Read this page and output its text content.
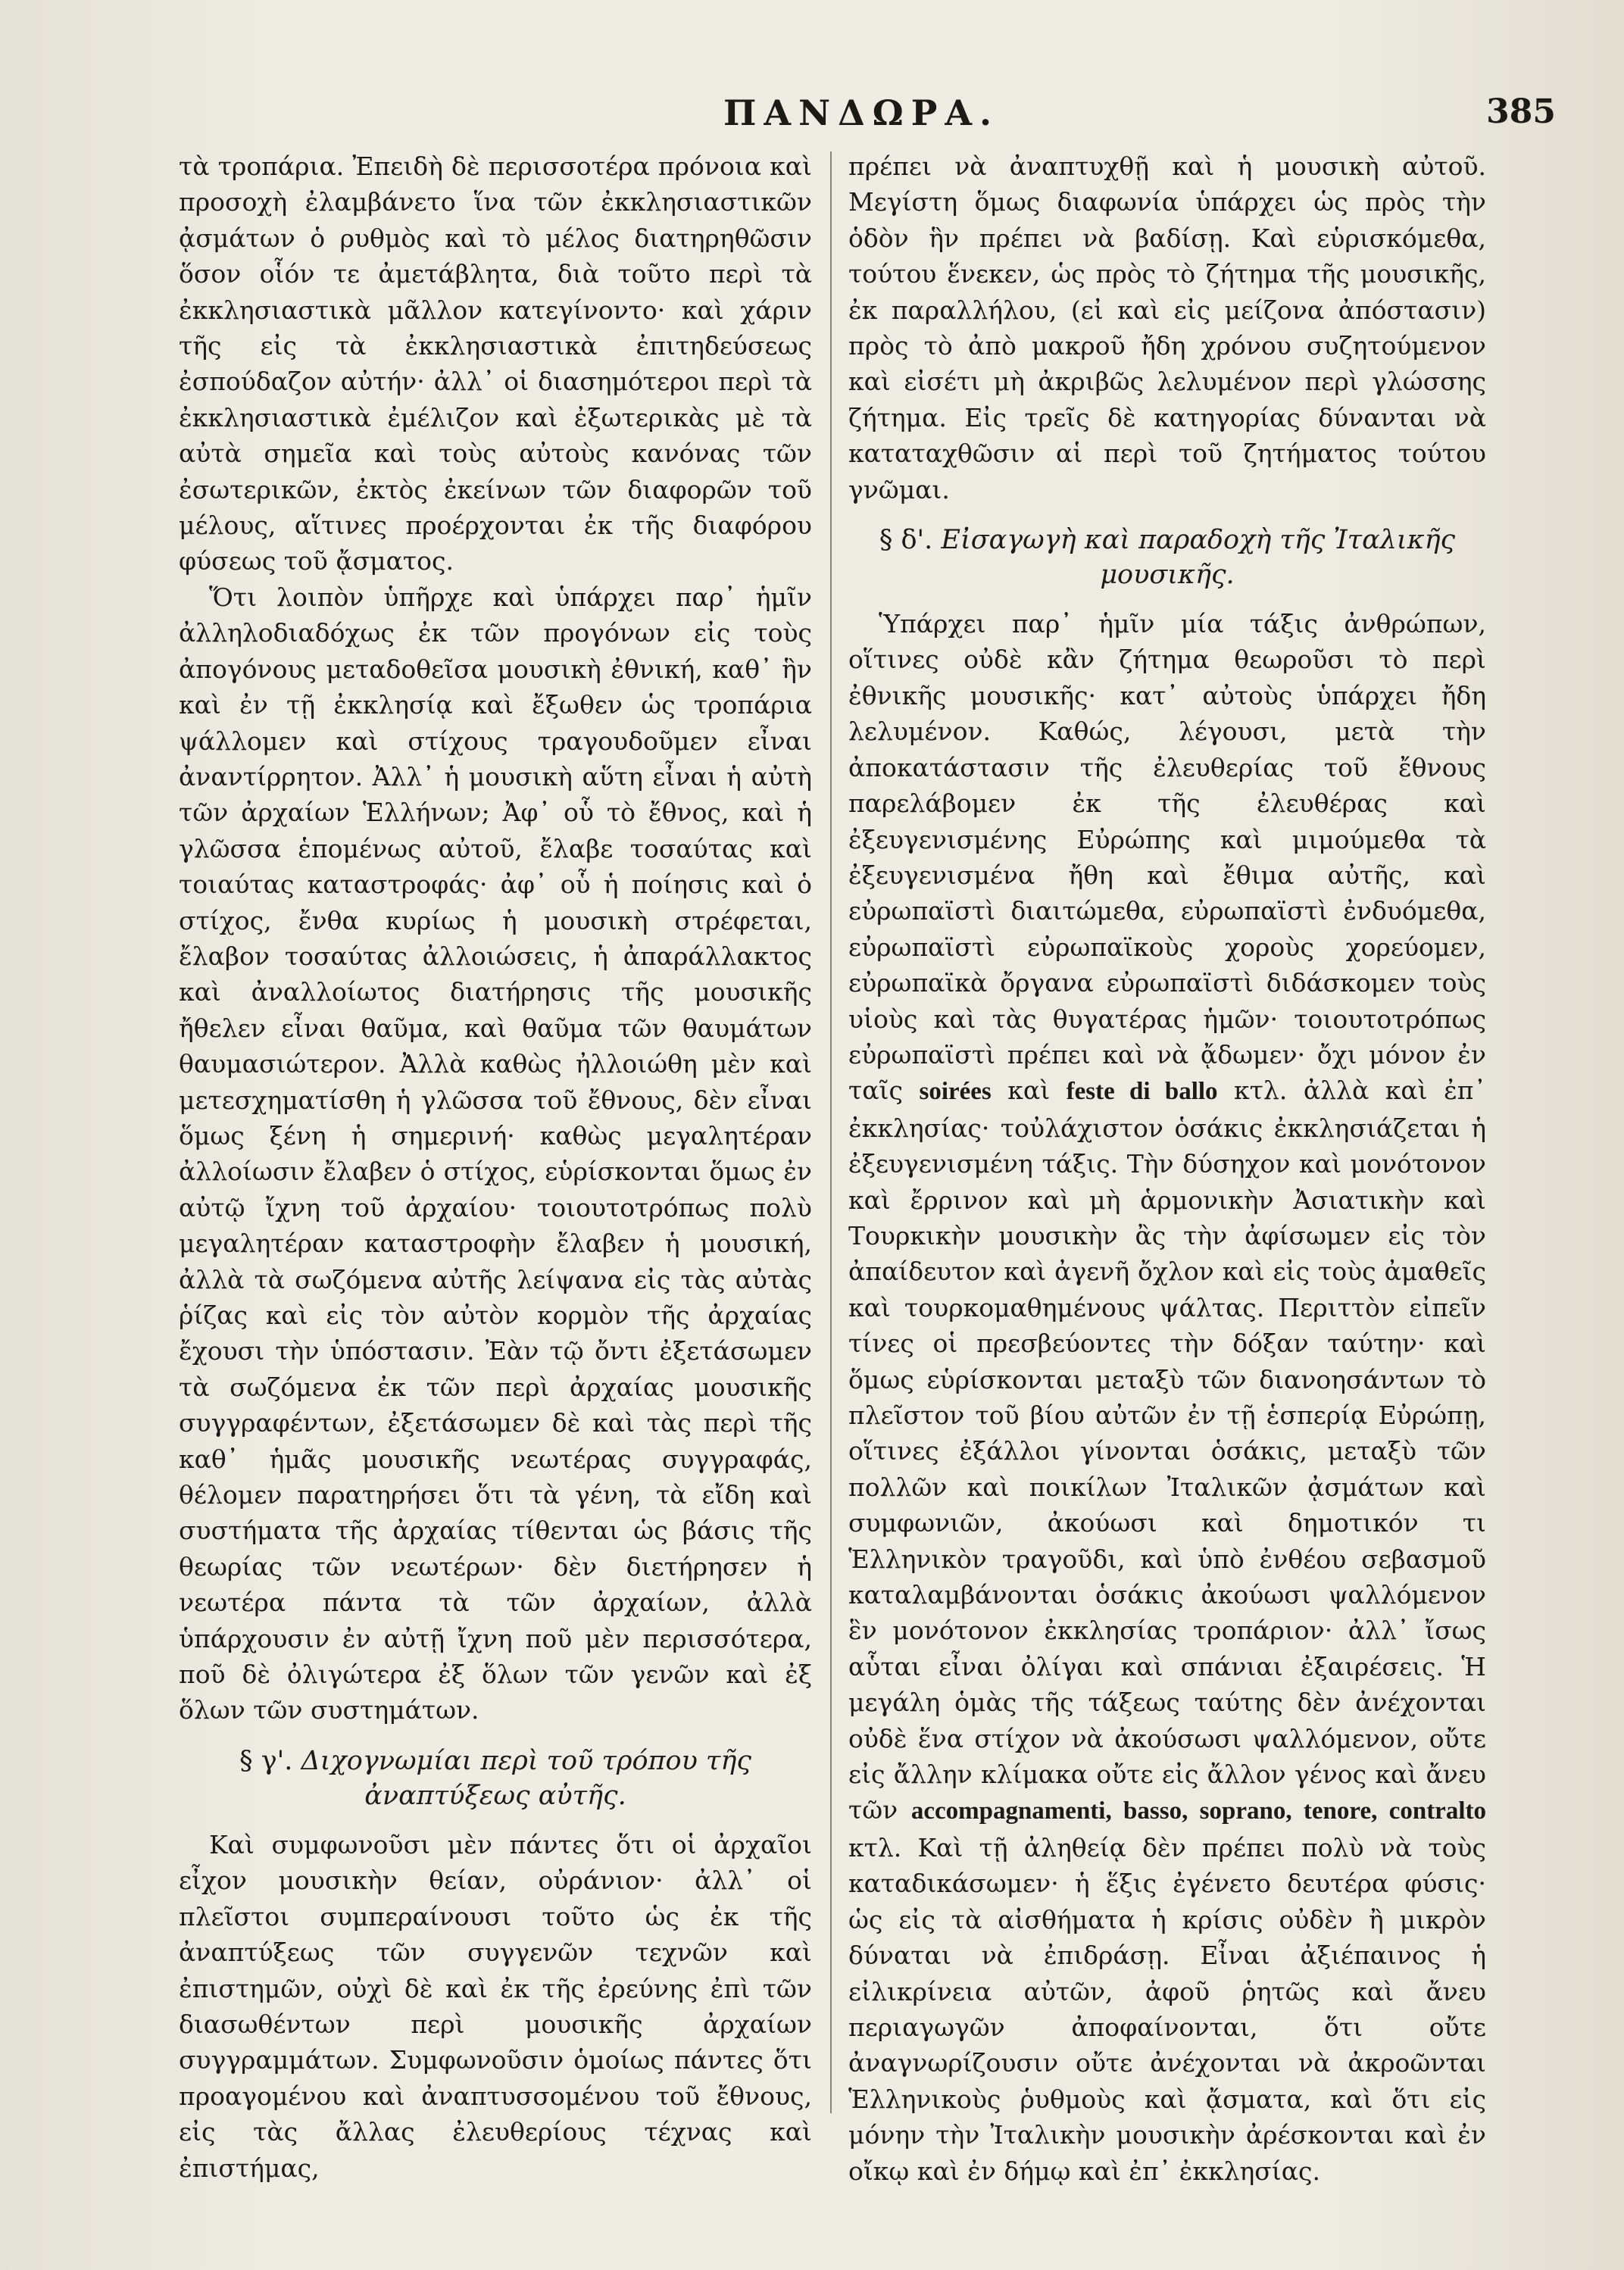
ΠΑΝΔΩΡΑ.	385

τὰ τροπάρια. Ἐπειδὴ δὲ περισσοτέρα πρόνοια καὶ προσοχὴ ἐλαμβάνετο ἵνα τῶν ἐκκλησιαστικῶν ᾀσμάτων ὁ ρυθμὸς καὶ τὸ μέλος διατηρηθῶσιν ὅσον οἷόν τε ἀμετάβλητα, διὰ τοῦτο περὶ τὰ ἐκκλησιαστικὰ μᾶλλον κατεγίνοντο· καὶ χάριν τῆς εἰς τὰ ἐκκλησιαστικὰ ἐπιτηδεύσεως ἐσπούδαζον αὐτήν· ἀλλ᾽ οἱ διασημότεροι περὶ τὰ ἐκκλησιαστικὰ ἐμέλιζον καὶ ἐξωτερικὰς μὲ τὰ αὐτὰ σημεῖα καὶ τοὺς αὐτοὺς κανόνας τῶν ἐσωτερικῶν, ἐκτὸς ἐκείνων τῶν διαφορῶν τοῦ μέλους, αἵτινες προέρχονται ἐκ τῆς διαφόρου φύσεως τοῦ ᾄσματος.

Ὅτι λοιπὸν ὑπῆρχε καὶ ὑπάρχει παρ᾽ ἡμῖν ἀλληλοδιαδόχως ἐκ τῶν προγόνων εἰς τοὺς ἀπογόνους μεταδοθεῖσα μουσικὴ ἐθνική, καθ᾽ ἣν καὶ ἐν τῇ ἐκκλησίᾳ καὶ ἔξωθεν ὡς τροπάρια ψάλλομεν καὶ στίχους τραγουδοῦμεν εἶναι ἀναντίρρητον. Ἀλλ᾽ ἡ μουσικὴ αὕτη εἶναι ἡ αὐτὴ τῶν ἀρχαίων Ἑλλήνων; Ἀφ᾽ οὗ τὸ ἔθνος, καὶ ἡ γλῶσσα ἑπομένως αὐτοῦ, ἔλαβε τοσαύτας καὶ τοιαύτας καταστροφάς· ἀφ᾽ οὗ ἡ ποίησις καὶ ὁ στίχος, ἔνθα κυρίως ἡ μουσικὴ στρέφεται, ἔλαβον τοσαύτας ἀλλοιώσεις, ἡ ἀπαράλλακτος καὶ ἀναλλοίωτος διατήρησις τῆς μουσικῆς ἤθελεν εἶναι θαῦμα, καὶ θαῦμα τῶν θαυμάτων θαυμασιώτερον. Ἀλλὰ καθὼς ἠλλοιώθη μὲν καὶ μετεσχηματίσθη ἡ γλῶσσα τοῦ ἔθνους, δὲν εἶναι ὅμως ξένη ἡ σημερινή· καθὼς μεγαλητέραν ἀλλοίωσιν ἔλαβεν ὁ στίχος, εὑρίσκονται ὅμως ἐν αὐτῷ ἴχνη τοῦ ἀρχαίου· τοιουτοτρόπως πολὺ μεγαλητέραν καταστροφὴν ἔλαβεν ἡ μουσική, ἀλλὰ τὰ σωζόμενα αὐτῆς λείψανα εἰς τὰς αὐτὰς ῥίζας καὶ εἰς τὸν αὐτὸν κορμὸν τῆς ἀρχαίας ἔχουσι τὴν ὑπόστασιν. Ἐὰν τῷ ὄντι ἐξετάσωμεν τὰ σωζόμενα ἐκ τῶν περὶ ἀρχαίας μουσικῆς συγγραφέντων, ἐξετάσωμεν δὲ καὶ τὰς περὶ τῆς καθ᾽ ἡμᾶς μουσικῆς νεωτέρας συγγραφάς, θέλομεν παρατηρήσει ὅτι τὰ γένη, τὰ εἴδη καὶ συστήματα τῆς ἀρχαίας τίθενται ὡς βάσις τῆς θεωρίας τῶν νεωτέρων· δὲν διετήρησεν ἡ νεωτέρα πάντα τὰ τῶν ἀρχαίων, ἀλλὰ ὑπάρχουσιν ἐν αὐτῇ ἴχνη ποῦ μὲν περισσότερα, ποῦ δὲ ὀλιγώτερα ἐξ ὅλων τῶν γενῶν καὶ ἐξ ὅλων τῶν συστημάτων.

§ γ'. Διχογνωμίαι περὶ τοῦ τρόπου τῆς ἀναπτύξεως αὐτῆς.

Καὶ συμφωνοῦσι μὲν πάντες ὅτι οἱ ἀρχαῖοι εἶχον μουσικὴν θείαν, οὐράνιον· ἀλλ᾽ οἱ πλεῖστοι συμπεραίνουσι τοῦτο ὡς ἐκ τῆς ἀναπτύξεως τῶν συγγενῶν τεχνῶν καὶ ἐπιστημῶν, οὐχὶ δὲ καὶ ἐκ τῆς ἐρεύνης ἐπὶ τῶν διασωθέντων περὶ μουσικῆς ἀρχαίων συγγραμμάτων. Συμφωνοῦσιν ὁμοίως πάντες ὅτι προαγομένου καὶ ἀναπτυσσομένου τοῦ ἔθνους, εἰς τὰς ἄλλας ἐλευθερίους τέχνας καὶ ἐπιστήμας,

πρέπει νὰ ἀναπτυχθῇ καὶ ἡ μουσικὴ αὐτοῦ. Μεγίστη ὅμως διαφωνία ὑπάρχει ὡς πρὸς τὴν ὁδὸν ἣν πρέπει νὰ βαδίσῃ. Καὶ εὑρισκόμεθα, τούτου ἕνεκεν, ὡς πρὸς τὸ ζήτημα τῆς μουσικῆς, ἐκ παραλλήλου, (εἰ καὶ εἰς μείζονα ἀπόστασιν) πρὸς τὸ ἀπὸ μακροῦ ἤδη χρόνου συζητούμενον καὶ εἰσέτι μὴ ἀκριβῶς λελυμένον περὶ γλώσσης ζήτημα. Εἰς τρεῖς δὲ κατηγορίας δύνανται νὰ καταταχθῶσιν αἱ περὶ τοῦ ζητήματος τούτου γνῶμαι.

§ δ'. Εἰσαγωγὴ καὶ παραδοχὴ τῆς Ἰταλικῆς μουσικῆς.

Ὑπάρχει παρ᾽ ἡμῖν μία τάξις ἀνθρώπων, οἵτινες οὐδὲ κἂν ζήτημα θεωροῦσι τὸ περὶ ἐθνικῆς μουσικῆς· κατ᾽ αὐτοὺς ὑπάρχει ἤδη λελυμένον. Καθώς, λέγουσι, μετὰ τὴν ἀποκατάστασιν τῆς ἐλευθερίας τοῦ ἔθνους παρελάβομεν ἐκ τῆς ἐλευθέρας καὶ ἐξευγενισμένης Εὐρώπης καὶ μιμούμεθα τὰ ἐξευγενισμένα ἤθη καὶ ἔθιμα αὐτῆς, καὶ εὐρωπαϊστὶ διαιτώμεθα, εὐρωπαϊστὶ ἐνδυόμεθα, εὐρωπαϊστὶ εὐρωπαϊκοὺς χοροὺς χορεύομεν, εὐρωπαϊκὰ ὄργανα εὐρωπαϊστὶ διδάσκομεν τοὺς υἱοὺς καὶ τὰς θυγατέρας ἡμῶν· τοιουτοτρόπως εὐρωπαϊστὶ πρέπει καὶ νὰ ᾄδωμεν· ὄχι μόνον ἐν ταῖς soirées καὶ feste di ballo κτλ. ἀλλὰ καὶ ἐπ᾽ ἐκκλησίας· τοὐλάχιστον ὁσάκις ἐκκλησιάζεται ἡ ἐξευγενισμένη τάξις. Τὴν δύσηχον καὶ μονότονον καὶ ἔρρινον καὶ μὴ ἁρμονικὴν Ἀσιατικὴν καὶ Τουρκικὴν μουσικὴν ἂς τὴν ἀφίσωμεν εἰς τὸν ἀπαίδευτον καὶ ἀγενῆ ὄχλον καὶ εἰς τοὺς ἀμαθεῖς καὶ τουρκομαθημένους ψάλτας. Περιττὸν εἰπεῖν τίνες οἱ πρεσβεύοντες τὴν δόξαν ταύτην· καὶ ὅμως εὑρίσκονται μεταξὺ τῶν διανοησάντων τὸ πλεῖστον τοῦ βίου αὐτῶν ἐν τῇ ἑσπερίᾳ Εὐρώπῃ, οἵτινες ἐξάλλοι γίνονται ὁσάκις, μεταξὺ τῶν πολλῶν καὶ ποικίλων Ἰταλικῶν ᾀσμάτων καὶ συμφωνιῶν, ἀκούωσι καὶ δημοτικόν τι Ἑλληνικὸν τραγοῦδι, καὶ ὑπὸ ἐνθέου σεβασμοῦ καταλαμβάνονται ὁσάκις ἀκούωσι ψαλλόμενον ἓν μονότονον ἐκκλησίας τροπάριον· ἀλλ᾽ ἴσως αὗται εἶναι ὀλίγαι καὶ σπάνιαι ἐξαιρέσεις. Ἡ μεγάλη ὁμὰς τῆς τάξεως ταύτης δὲν ἀνέχονται οὐδὲ ἕνα στίχον νὰ ἀκούσωσι ψαλλόμενον, οὔτε εἰς ἄλλην κλίμακα οὔτε εἰς ἄλλον γένος καὶ ἄνευ τῶν accompagnamenti, basso, soprano, tenore, contralto κτλ. Καὶ τῇ ἀληθείᾳ δὲν πρέπει πολὺ νὰ τοὺς καταδικάσωμεν· ἡ ἕξις ἐγένετο δευτέρα φύσις· ὡς εἰς τὰ αἰσθήματα ἡ κρίσις οὐδὲν ἢ μικρὸν δύναται νὰ ἐπιδράσῃ. Εἶναι ἀξιέπαινος ἡ εἰλικρίνεια αὐτῶν, ἀφοῦ ῥητῶς καὶ ἄνευ περιαγωγῶν ἀποφαίνονται, ὅτι οὔτε ἀναγνωρίζουσιν οὔτε ἀνέχονται νὰ ἀκροῶνται Ἑλληνικοὺς ῥυθμοὺς καὶ ᾄσματα, καὶ ὅτι εἰς μόνην τὴν Ἰταλικὴν μουσικὴν ἀρέσκονται καὶ ἐν οἴκῳ καὶ ἐν δήμῳ καὶ ἐπ᾽ ἐκκλησίας.
